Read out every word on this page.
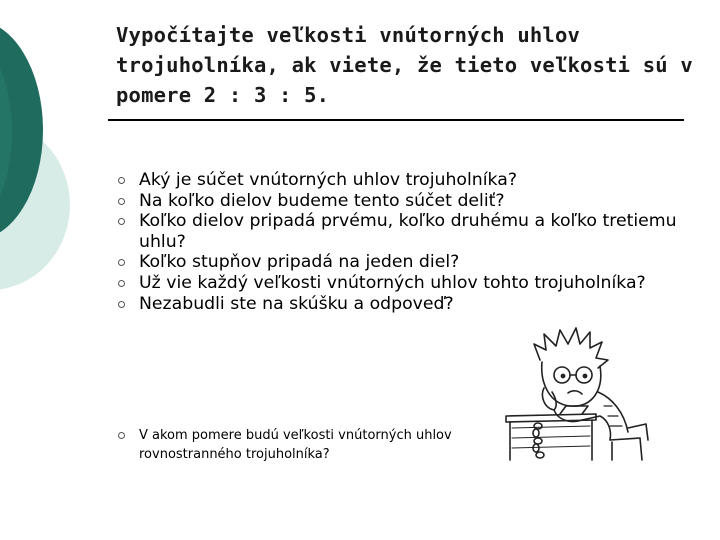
Vypočítajte veľkosti vnútorných uhlov trojuholníka, ak viete, že tieto veľkosti sú v pomere 2 : 3 : 5.
Aký je súčet vnútorných uhlov trojuholníka?
Na koľko dielov budeme tento súčet deliť?
Koľko dielov pripadá prvému, koľko druhému a koľko tretiemu uhlu?
Koľko stupňov pripadá na jeden diel?
Už vie každý veľkosti vnútorných uhlov tohto trojuholníka?
Nezabudli ste na skúšku a odpoveď?
V akom pomere budú veľkosti vnútorných uhlov rovnostranného trojuholníka?
